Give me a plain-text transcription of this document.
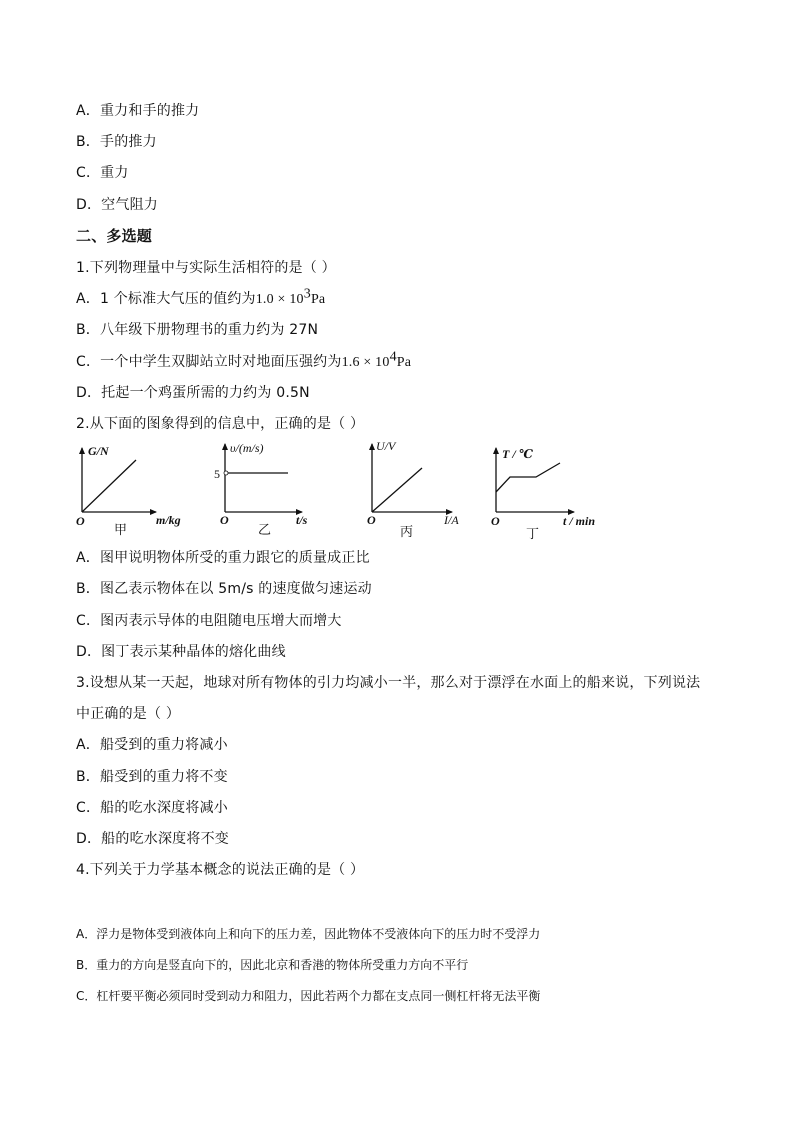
A．重力和手的推力
B．手的推力
C．重力
D．空气阻力
二、多选题
1.下列物理量中与实际生活相符的是（ ）
A．1 个标准大气压的值约为$1.0 \times 10^3Pa$
B．八年级下册物理书的重力约为 27N
C．一个中学生双脚站立时对地面压强约为$1.6 \times 10^4Pa$
D．托起一个鸡蛋所需的力约为 0.5N
2.从下面的图象得到的信息中，正确的是（ ）
G/N
m/kg
O
甲
υ/(m/s)
5
t/s
O
乙
U/V
I/A
O
丙
T / ℃
t / min
O
丁
A．图甲说明物体所受的重力跟它的质量成正比
B．图乙表示物体在以 5m/s 的速度做匀速运动
C．图丙表示导体的电阻随电压增大而增大
D．图丁表示某种晶体的熔化曲线
3.设想从某一天起，地球对所有物体的引力均减小一半，那么对于漂浮在水面上的船来说，下列说法
中正确的是（ ）
A．船受到的重力将减小
B．船受到的重力将不变
C．船的吃水深度将减小
D．船的吃水深度将不变
4.下列关于力学基本概念的说法正确的是（ ）
A．浮力是物体受到液体向上和向下的压力差，因此物体不受液体向下的压力时不受浮力
B．重力的方向是竖直向下的，因此北京和香港的物体所受重力方向不平行
C．杠杆要平衡必须同时受到动力和阻力，因此若两个力都在支点同一侧杠杆将无法平衡
